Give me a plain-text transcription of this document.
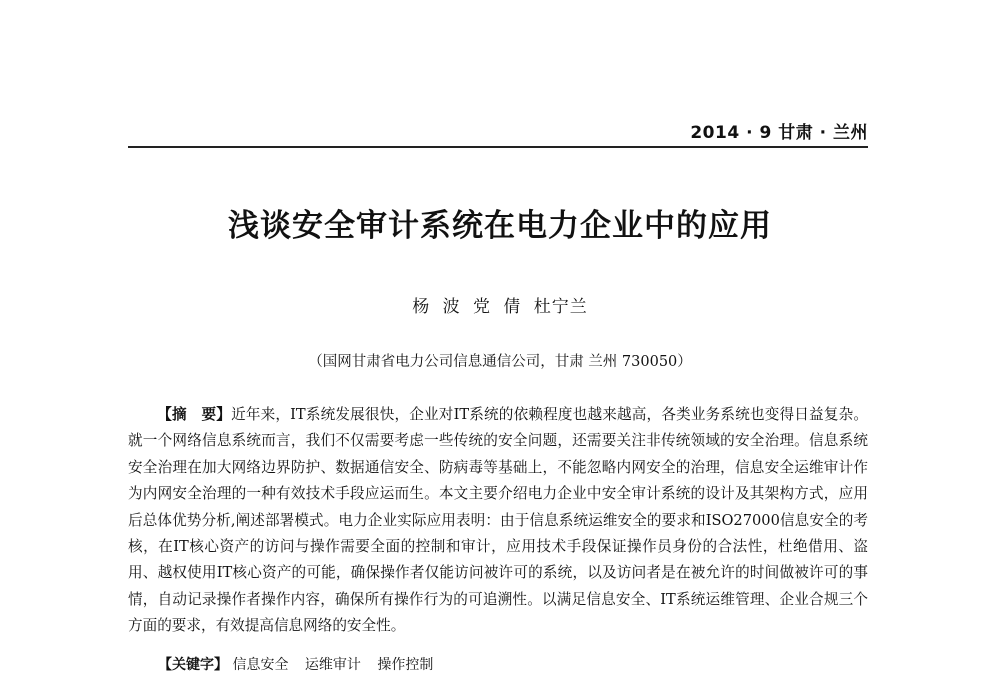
2014 · 9 甘肃 · 兰州
浅谈安全审计系统在电力企业中的应用
杨 波 党 倩 杜宁兰
（国网甘肃省电力公司信息通信公司，甘肃 兰州 730050）

【摘　要】近年来，IT系统发展很快，企业对IT系统的依赖程度也越来越高，各类业务系统也变得日益复杂。就一个网络信息系统而言，我们不仅需要考虑一些传统的安全问题，还需要关注非传统领域的安全治理。信息系统安全治理在加大网络边界防护、数据通信安全、防病毒等基础上，不能忽略内网安全的治理，信息安全运维审计作为内网安全治理的一种有效技术手段应运而生。本文主要介绍电力企业中安全审计系统的设计及其架构方式，应用后总体优势分析,阐述部署模式。电力企业实际应用表明：由于信息系统运维安全的要求和ISO27000信息安全的考核，在IT核心资产的访问与操作需要全面的控制和审计，应用技术手段保证操作员身份的合法性，杜绝借用、盗用、越权使用IT核心资产的可能，确保操作者仅能访问被许可的系统，以及访问者是在被允许的时间做被许可的事情，自动记录操作者操作内容，确保所有操作行为的可追溯性。以满足信息安全、IT系统运维管理、企业合规三个方面的要求，有效提高信息网络的安全性。

【关键字】 信息安全 运维审计 操作控制
